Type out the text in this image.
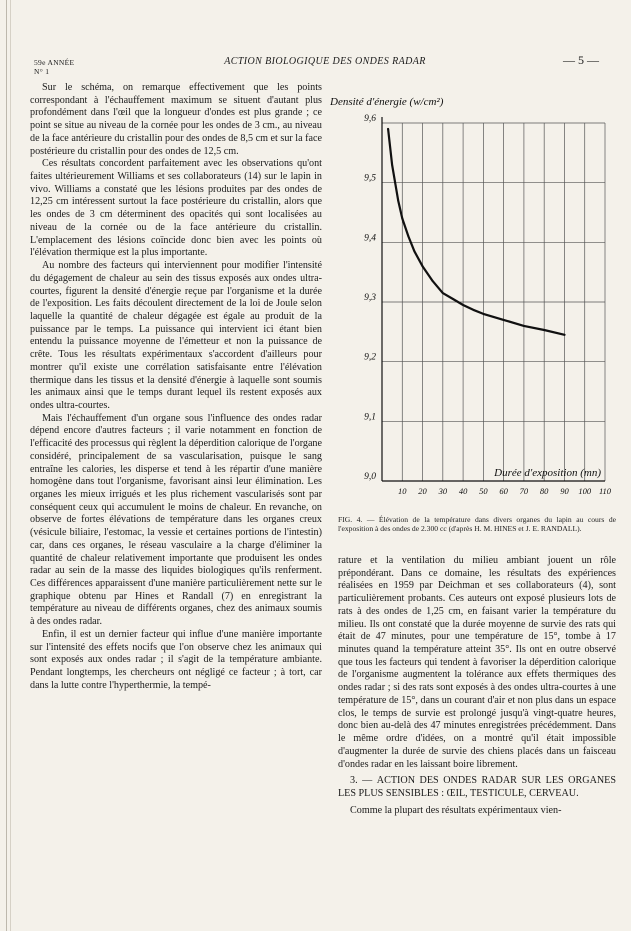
59e ANNÉE
N° 1
ACTION BIOLOGIQUE DES ONDES RADAR	— 5 —

Sur le schéma, on remarque effectivement que les points correspondant à l'échauffement maximum se situent d'autant plus profondément dans l'œil que la longueur d'ondes est plus grande ; ce point se situe au niveau de la cornée pour les ondes de 3 cm., au niveau de la face antérieure du cristallin pour des ondes de 8,5 cm et sur la face postérieure du cristallin pour des ondes de 12,5 cm.

Ces résultats concordent parfaitement avec les observations qu'ont faites ultérieurement Williams et ses collaborateurs (14) sur le lapin in vivo. Williams a constaté que les lésions produites par des ondes de 12,25 cm intéressent surtout la face postérieure du cristallin, alors que les ondes de 3 cm déterminent des opacités qui sont localisées au niveau de la cornée ou de la face antérieure du cristallin. L'emplacement des lésions coïncide donc bien avec les points où l'élévation thermique est la plus importante.

Au nombre des facteurs qui interviennent pour modifier l'intensité du dégagement de chaleur au sein des tissus exposés aux ondes ultra-courtes, figurent la densité d'énergie reçue par l'organisme et la durée de l'exposition. Les faits découlent directement de la loi de Joule selon laquelle la quantité de chaleur dégagée est égale au produit de la puissance par le temps. La puissance qui intervient ici étant bien entendu la puissance moyenne de l'émetteur et non la puissance de crête. Tous les résultats expérimentaux s'accordent d'ailleurs pour montrer qu'il existe une corrélation satisfaisante entre l'élévation thermique dans les tissus et la densité d'énergie à laquelle sont soumis les animaux ainsi que le temps durant lequel ils restent exposés aux ondes ultra-courtes.

Mais l'échauffement d'un organe sous l'influence des ondes radar dépend encore d'autres facteurs ; il varie notamment en fonction de l'efficacité des processus qui règlent la déperdition calorique de l'organe considéré, principalement de sa vascularisation, puisque le sang entraîne les calories, les disperse et tend à les répartir d'une manière homogène dans tout l'organisme, favorisant ainsi leur élimination. Les organes les mieux irrigués et les plus richement vascularisés sont par conséquent ceux qui accumulent le moins de chaleur. En revanche, on observe de fortes élévations de température dans les organes creux (vésicule biliaire, l'estomac, la vessie et certaines portions de l'intestin) car, dans ces organes, le réseau vasculaire a la charge d'éliminer la quantité de chaleur relativement importante que produisent les ondes radar au sein de la masse des liquides biologiques qu'ils renferment. Ces différences apparaissent d'une manière particulièrement nette sur le graphique obtenu par Hines et Randall (7) en enregistrant la température au niveau de différents organes, chez des animaux soumis à des ondes radar.

Enfin, il est un dernier facteur qui influe d'une manière importante sur l'intensité des effets nocifs que l'on observe chez les animaux qui sont exposés aux ondes radar ; il s'agit de la température ambiante. Pendant longtemps, les chercheurs ont négligé ce facteur ; à tort, car dans la lutte contre l'hyperthermie, la tempé-

9,0
9,1
9,2
9,3
9,4
9,5
9,6
10 20 30 40 50 60 70 80 90 100 110
Densité d'énergie (w/cm²)
Durée d'exposition (mn)
FIG. 4. — Élévation de la température dans divers organes du lapin au cours de l'exposition à des ondes de 2.300 cc (d'après H. M. HINES et J. E. RANDALL).

rature et la ventilation du milieu ambiant jouent un rôle prépondérant. Dans ce domaine, les résultats des expériences réalisées en 1959 par Deichman et ses collaborateurs (4), sont particulièrement probants. Ces auteurs ont exposé plusieurs lots de rats à des ondes de 1,25 cm, en faisant varier la température du milieu. Ils ont constaté que la durée moyenne de survie des rats qui était de 47 minutes, pour une température de 15°, tombe à 17 minutes quand la température atteint 35°. Ils ont en outre observé que tous les facteurs qui tendent à favoriser la déperdition calorique de l'organisme augmentent la tolérance aux effets thermiques des ondes radar ; si des rats sont exposés à des ondes ultra-courtes à une température de 15°, dans un courant d'air et non plus dans un espace clos, le temps de survie est prolongé jusqu'à vingt-quatre heures, donc bien au-delà des 47 minutes enregistrées précédemment. Dans le même ordre d'idées, on a montré qu'il était impossible d'augmenter la durée de survie des chiens placés dans un faisceau d'ondes radar en les laissant boire librement.

3. — ACTION DES ONDES RADAR SUR LES ORGANES LES PLUS SENSIBLES : ŒIL, TESTICULE, CERVEAU.

Comme la plupart des résultats expérimentaux vien-
